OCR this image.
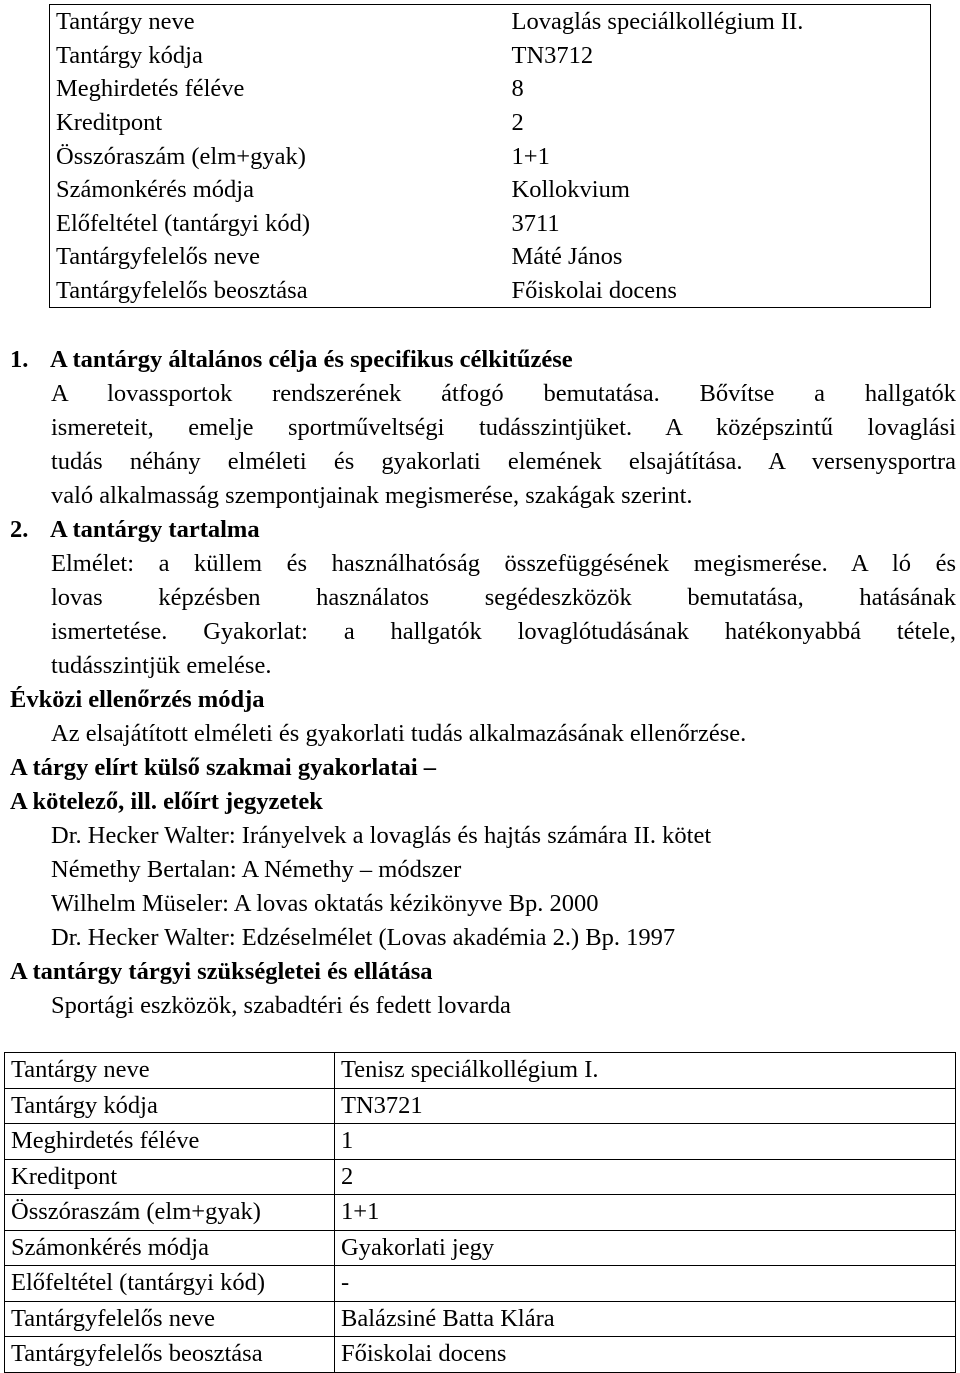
Tantárgy neve	Lovaglás speciálkollégium II.
Tantárgy kódja	TN3712
Meghirdetés féléve	8
Kreditpont	2
Összóraszám (elm+gyak)	1+1
Számonkérés módja	Kollokvium
Előfeltétel (tantárgyi kód)	3711
Tantárgyfelelős neve	Máté János
Tantárgyfelelős beosztása	Főiskolai docens
1. A tantárgy általános célja és specifikus célkitűzése
A lovassportok rendszerének átfogó bemutatása. Bővítse a hallgatók
ismereteit, emelje sportműveltségi tudásszintjüket. A középszintű lovaglási
tudás néhány elméleti és gyakorlati elemének elsajátítása. A versenysportra
való alkalmasság szempontjainak megismerése, szakágak szerint.
2. A tantárgy tartalma
Elmélet: a küllem és használhatóság összefüggésének megismerése. A ló és
lovas képzésben használatos segédeszközök bemutatása, hatásának
ismertetése. Gyakorlat: a hallgatók lovaglótudásának hatékonyabbá tétele,
tudásszintjük emelése.
Évközi ellenőrzés módja
Az elsajátított elméleti és gyakorlati tudás alkalmazásának ellenőrzése.
A tárgy elírt külső szakmai gyakorlatai –
A kötelező, ill. előírt jegyzetek
Dr. Hecker Walter: Irányelvek a lovaglás és hajtás számára II. kötet
Némethy Bertalan: A Némethy – módszer
Wilhelm Müseler: A lovas oktatás kézikönyve Bp. 2000
Dr. Hecker Walter: Edzéselmélet (Lovas akadémia 2.) Bp. 1997
A tantárgy tárgyi szükségletei és ellátása
Sportági eszközök, szabadtéri és fedett lovarda
Tantárgy neve	Tenisz speciálkollégium I.
Tantárgy kódja	TN3721
Meghirdetés féléve	1
Kreditpont	2
Összóraszám (elm+gyak)	1+1
Számonkérés módja	Gyakorlati jegy
Előfeltétel (tantárgyi kód)	-
Tantárgyfelelős neve	Balázsiné Batta Klára
Tantárgyfelelős beosztása	Főiskolai docens
